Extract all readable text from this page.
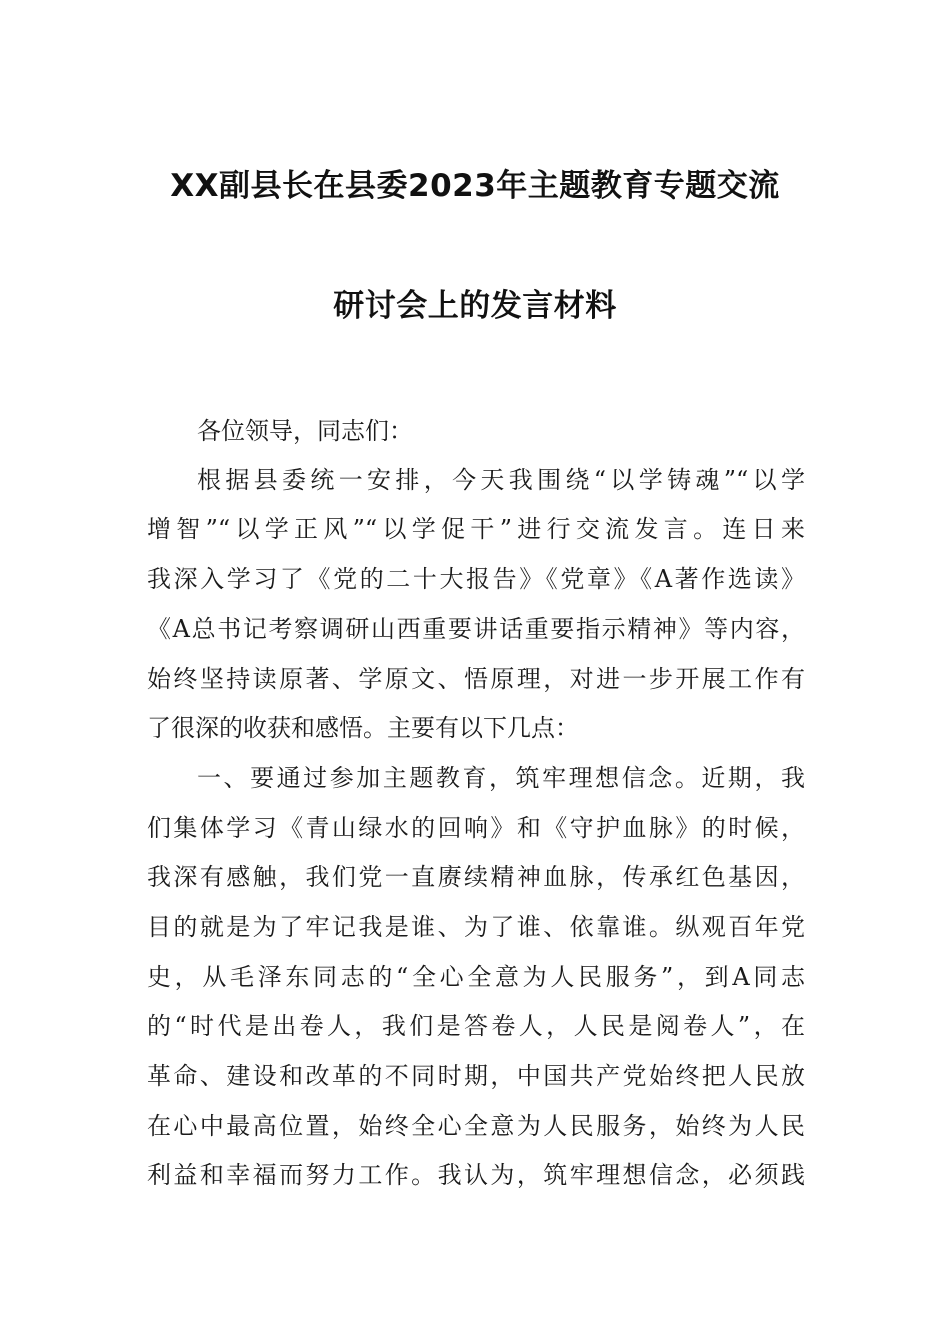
XX副县长在县委2023年主题教育专题交流
研讨会上的发言材料
各位领导，同志们：
根据县委统一安排，今天我围绕“以学铸魂”“以学
增智”“以学正风”“以学促干”进行交流发言。连日来
我深入学习了《党的二十大报告》《党章》《A著作选读》
《A总书记考察调研山西重要讲话重要指示精神》等内容，
始终坚持读原著、学原文、悟原理，对进一步开展工作有
了很深的收获和感悟。主要有以下几点：
一、要通过参加主题教育，筑牢理想信念。近期，我
们集体学习《青山绿水的回响》和《守护血脉》的时候，
我深有感触，我们党一直赓续精神血脉，传承红色基因，
目的就是为了牢记我是谁、为了谁、依靠谁。纵观百年党
史，从毛泽东同志的“全心全意为人民服务”，到A同志
的“时代是出卷人，我们是答卷人，人民是阅卷人”，在
革命、建设和改革的不同时期，中国共产党始终把人民放
在心中最高位置，始终全心全意为人民服务，始终为人民
利益和幸福而努力工作。我认为，筑牢理想信念，必须践
